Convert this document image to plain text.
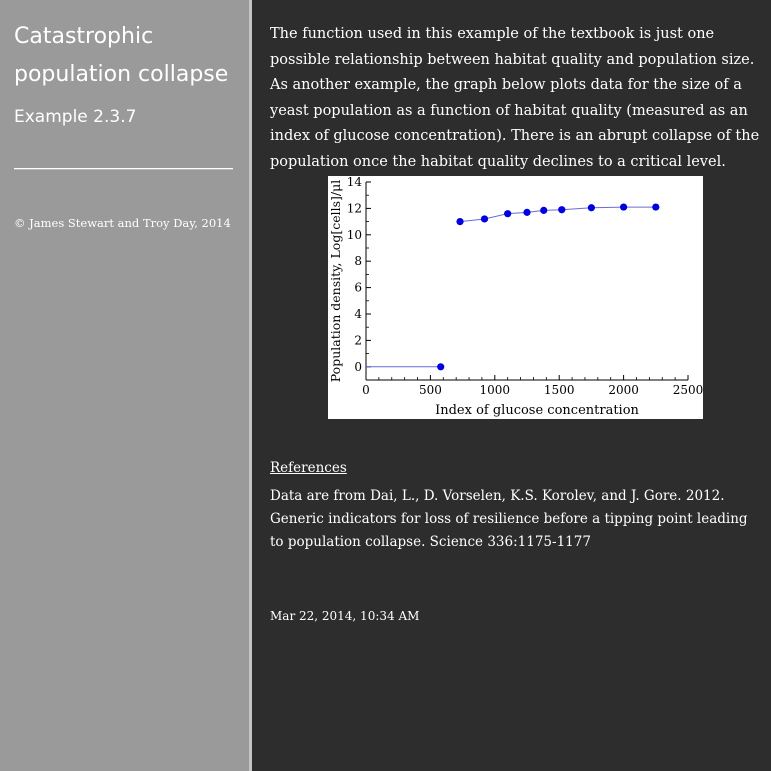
Catastrophic population collapse
Example 2.3.7
© James Stewart and Troy Day, 2014

The function used in this example of the textbook is just one possible relationship between habitat quality and population size. As another example, the graph below plots data for the size of a yeast population as a function of habitat quality (measured as an index of glucose concentration). There is an abrupt collapse of the population once the habitat quality declines to a critical level.

0
2
4
6
8
10
12
14
0	500	1000	1500	2000	2500
Index of glucose concentration
Population density, Log[cells]/μl
References

Data are from Dai, L., D. Vorselen, K.S. Korolev, and J. Gore. 2012. Generic indicators for loss of resilience before a tipping point leading to population collapse. Science 336:1175-1177

Mar 22, 2014, 10:34 AM
